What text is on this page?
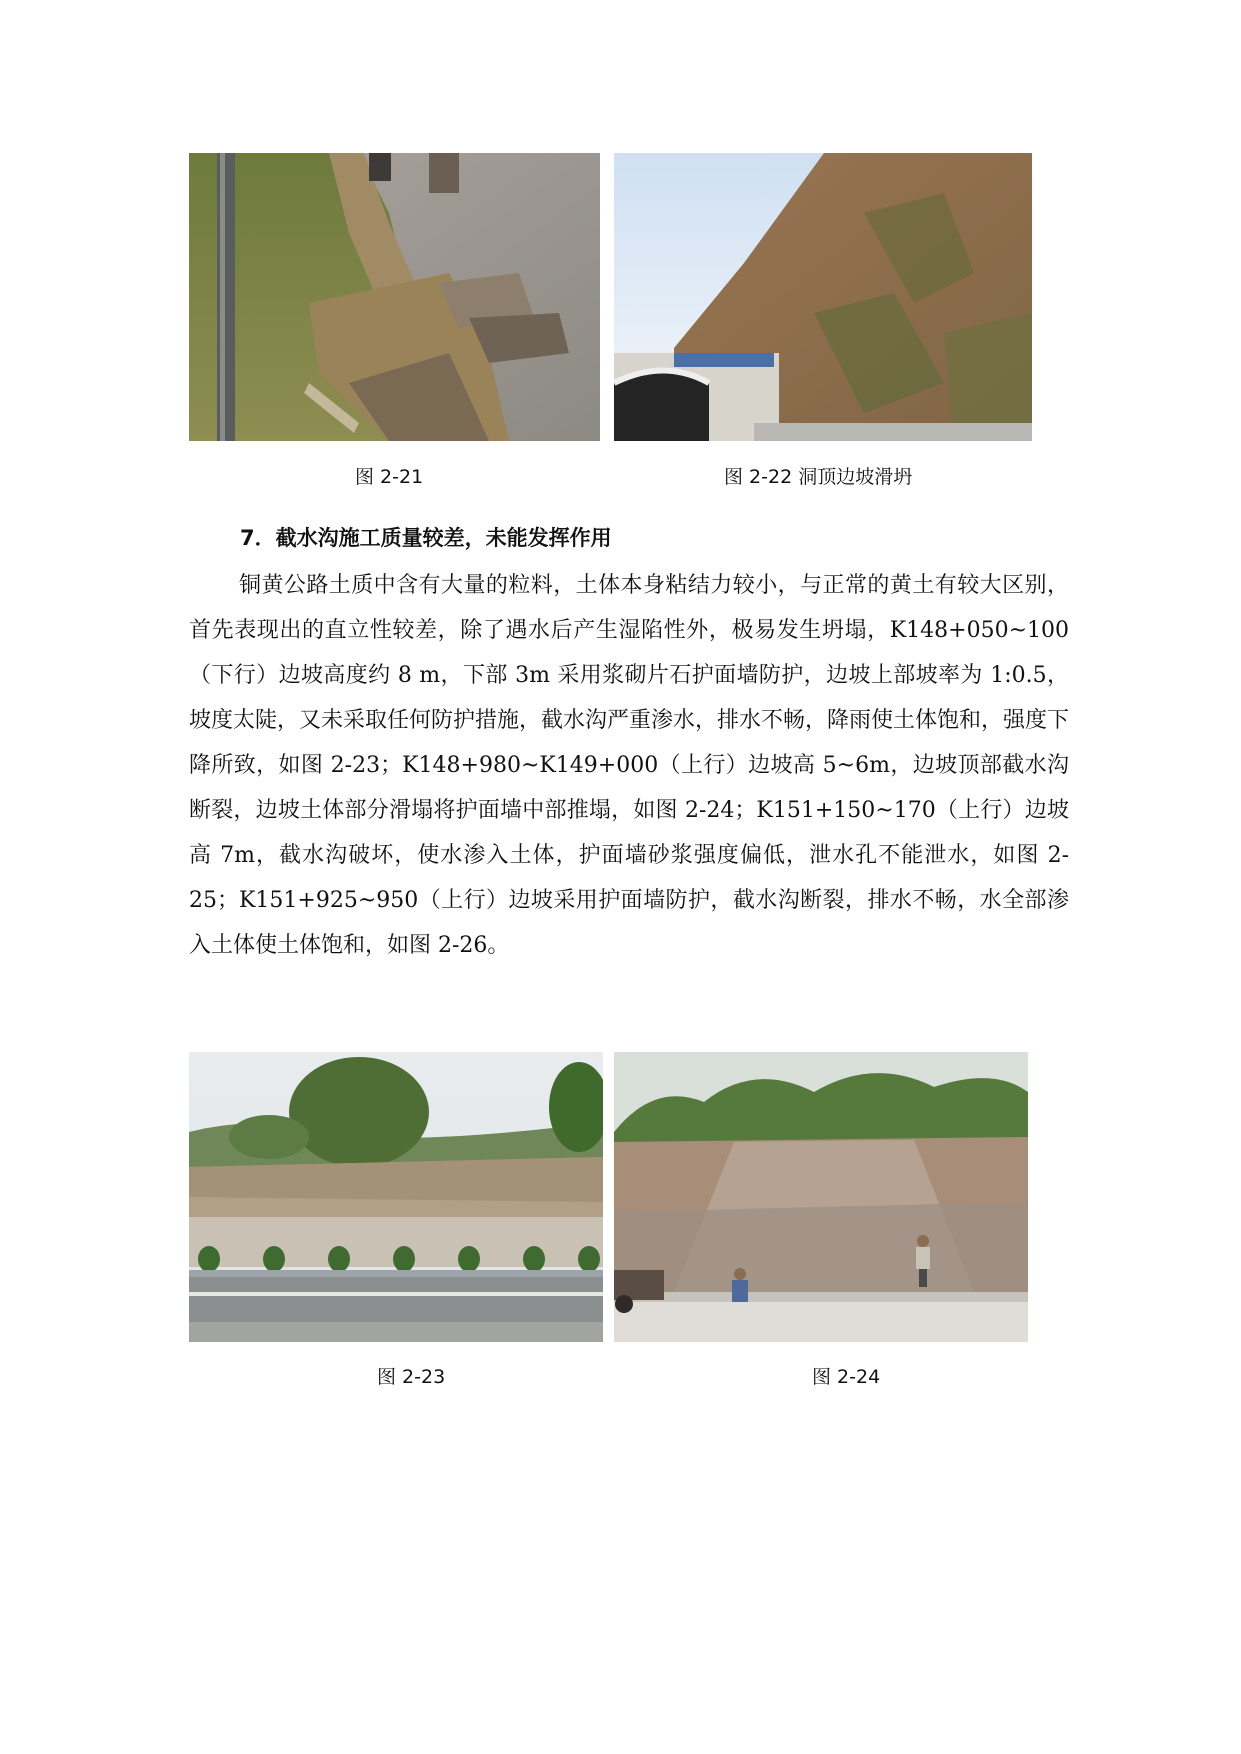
图 2-21	图 2-22 洞顶边坡滑坍
7．截水沟施工质量较差，未能发挥作用

铜黄公路土质中含有大量的粒料，土体本身粘结力较小，与正常的黄土有较大区别，首先表现出的直立性较差，除了遇水后产生湿陷性外，极易发生坍塌，K148+050~100（下行）边坡高度约 8 m，下部 3m 采用浆砌片石护面墙防护，边坡上部坡率为 1:0.5，坡度太陡，又未采取任何防护措施，截水沟严重渗水，排水不畅，降雨使土体饱和，强度下降所致，如图 2-23；K148+980~K149+000（上行）边坡高 5~6m，边坡顶部截水沟断裂，边坡土体部分滑塌将护面墙中部推塌，如图 2-24；K151+150~170（上行）边坡高 7m，截水沟破坏，使水渗入土体，护面墙砂浆强度偏低，泄水孔不能泄水，如图 2-25；K151+925~950（上行）边坡采用护面墙防护，截水沟断裂，排水不畅，水全部渗入土体使土体饱和，如图 2-26。

图 2-23	图 2-24
